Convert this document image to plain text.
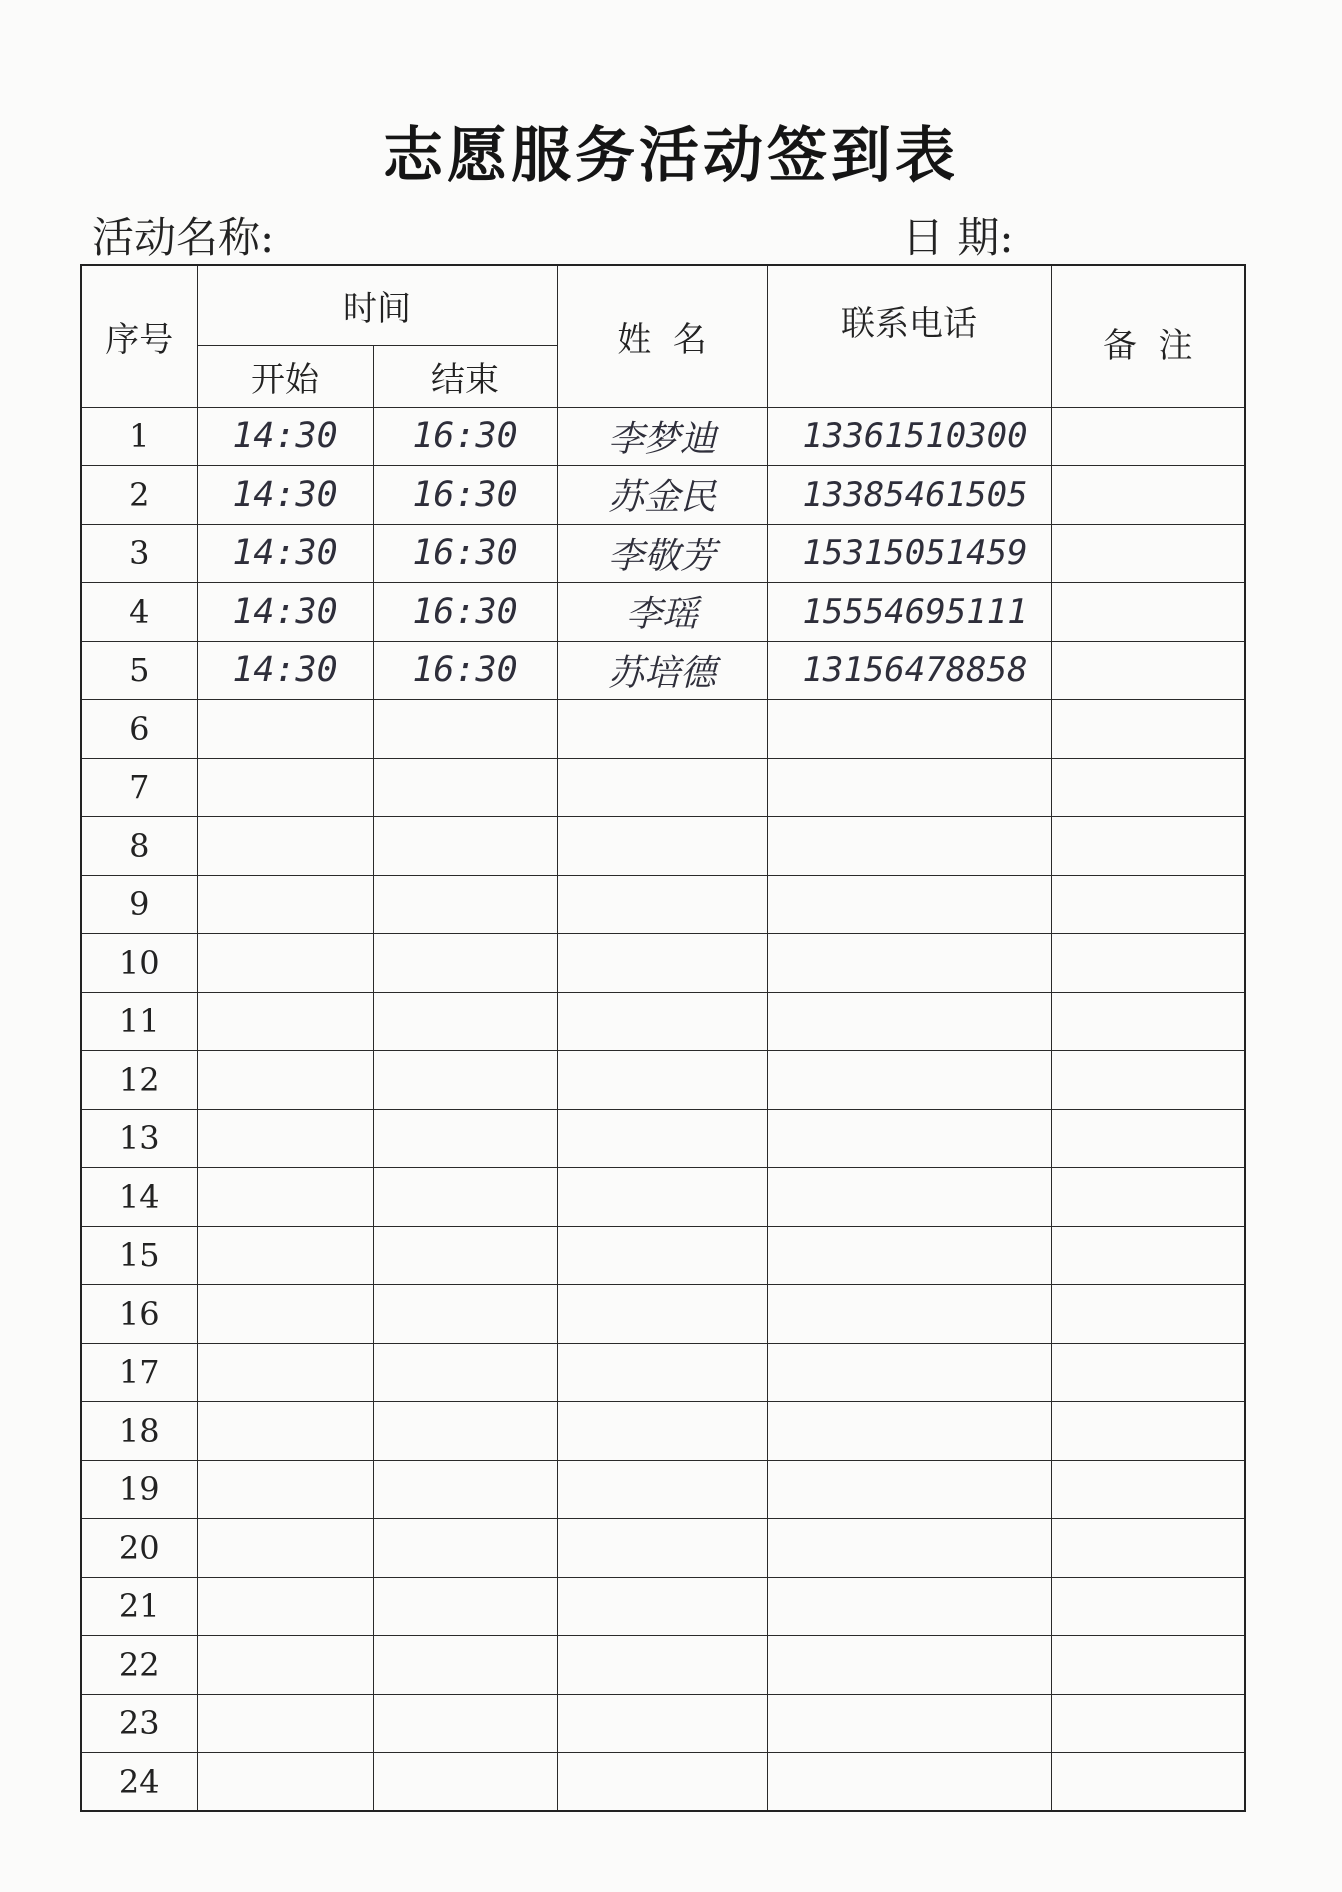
志愿服务活动签到表
活动名称:	日 期:
序号	时间		姓  名	联系电话	备  注
	开始	结束			
1	14:30	16:30	李梦迪	13361510300	
2	14:30	16:30	苏金民	13385461505	
3	14:30	16:30	李敬芳	15315051459	
4	14:30	16:30	李瑶	15554695111	
5	14:30	16:30	苏培德	13156478858	
6					
7					
8					
9					
10					
11					
12					
13					
14					
15					
16					
17					
18					
19					
20					
21					
22					
23					
24					
